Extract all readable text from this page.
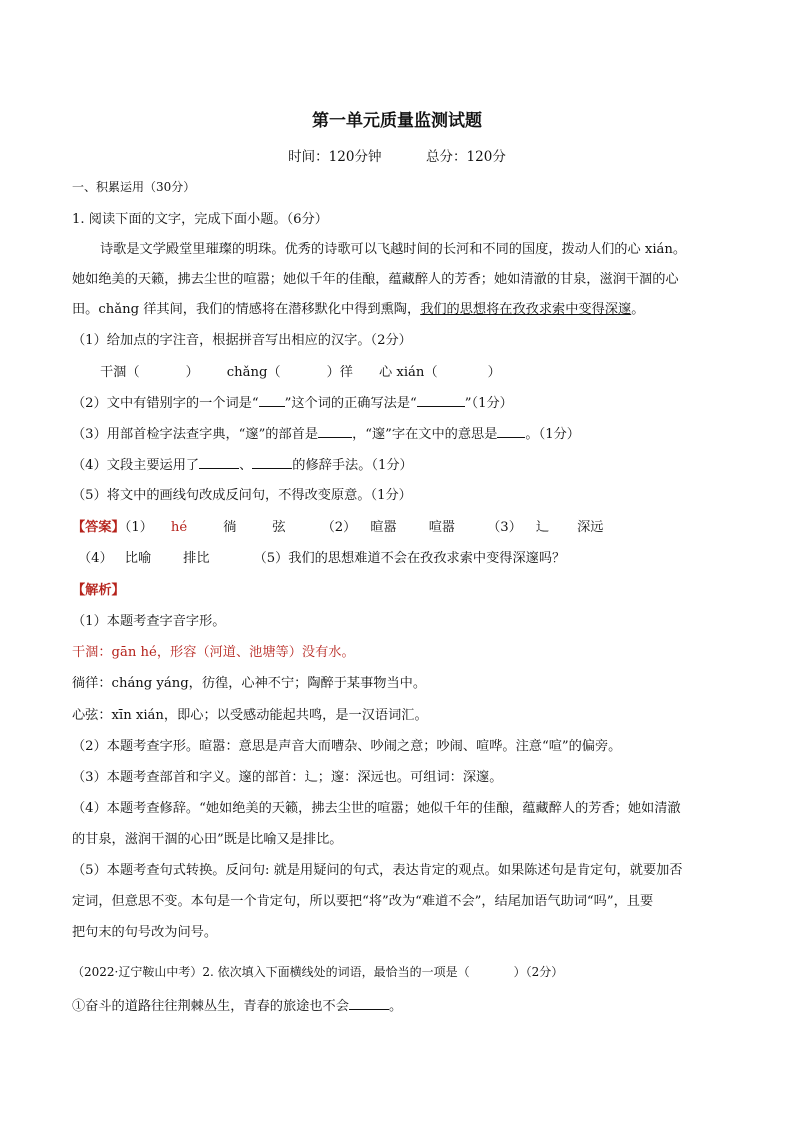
第一单元质量监测试题
时间：120分钟	总分：120分
一、积累运用（30分）
1. 阅读下面的文字，完成下面小题。（6分）
诗歌是文学殿堂里璀璨的明珠。优秀的诗歌可以飞越时间的长河和不同的国度，拨动人们的心 xián。
她如绝美的天籁，拂去尘世的喧嚣；她似千年的佳酿，蕴藏醉人的芳香；她如清澈的甘泉，滋润干涸的心
田。chǎng 徉其间，我们的情感将在潜移默化中得到熏陶，我们的思想将在孜孜求索中变得深邃。
（1）给加点的字注音，根据拼音写出相应的汉字。（2分）
干涸（	） chǎng（	）徉 心 xián（	）
（2）文中有错别字的一个词是“ ”这个词的正确写法是“	”（1分）
（3）用部首检字法查字典，“邃”的部首是	，“邃”字在文中的意思是 。（1分）
（4）文段主要运用了	、	的修辞手法。（1分）
（5）将文中的画线句改成反问句，不得改变原意。（1分）
【答案】（1） hé	徜	弦	（2） 暄嚣 喧嚣 （3） 辶 深远
（4） 比喻 排比	（5）我们的思想难道不会在孜孜求索中变得深邃吗？
【解析】
（1）本题考查字音字形。
干涸：gān hé，形容（河道、池塘等）没有水。
徜徉：cháng yáng，彷徨，心神不宁；陶醉于某事物当中。
心弦：xīn xián，即心；以受感动能起共鸣，是一汉语词汇。
（2）本题考查字形。暄嚣：意思是声音大而嘈杂、吵闹之意；吵闹、喧哗。注意“喧”的偏旁。
（3）本题考查部首和字义。邃的部首：辶；邃：深远也。可组词：深邃。
（4）本题考查修辞。“她如绝美的天籁，拂去尘世的喧嚣；她似千年的佳酿，蕴藏醉人的芳香；她如清澈
的甘泉，滋润干涸的心田”既是比喻又是排比。
（5）本题考查句式转换。反问句: 就是用疑问的句式，表达肯定的观点。如果陈述句是肯定句，就要加否
定词，但意思不变。本句是一个肯定句，所以要把“将”改为“难道不会”，结尾加语气助词“吗”，且要
把句末的句号改为问号。
（2022·辽宁鞍山中考）2. 依次填入下面横线处的词语，最恰当的一项是（	）（2分）
①奋斗的道路往往荆棘丛生，青春的旅途也不会	。
